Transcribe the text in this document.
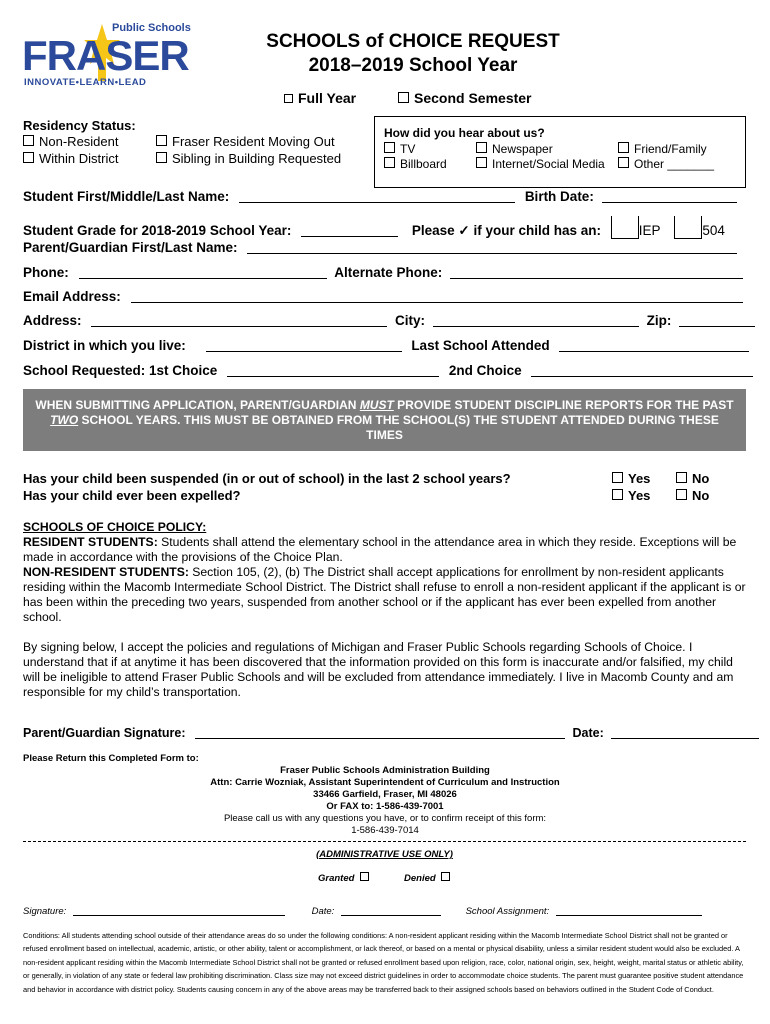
Public Schools
FRASER
INNOVATE•LEARN•LEAD
SCHOOLS of CHOICE REQUEST
2018–2019 School Year
Full Year	Second Semester
Residency Status:
Non-Resident
Within District
Fraser Resident Moving Out
Sibling in Building Requested
How did you hear about us?
TV	Newspaper	Friend/Family
Billboard	Internet/Social Media	Other _______
Student First/Middle/Last Name:	Birth Date:
Student Grade for 2018-2019 School Year:	Please ✓ if your child has an:	IEP	504
Parent/Guardian First/Last Name:
Phone:	Alternate Phone:
Email Address:
Address:	City:	Zip:
District in which you live:	Last School Attended
School Requested: 1st Choice	2nd Choice
WHEN SUBMITTING APPLICATION, PARENT/GUARDIAN MUST PROVIDE STUDENT DISCIPLINE REPORTS FOR THE PAST TWO SCHOOL YEARS. THIS MUST BE OBTAINED FROM THE SCHOOL(S) THE STUDENT ATTENDED DURING THESE TIMES
Has your child been suspended (in or out of school) in the last 2 school years?
Has your child ever been expelled?
Yes	No
Yes	No
SCHOOLS OF CHOICE POLICY:
RESIDENT STUDENTS: Students shall attend the elementary school in the attendance area in which they reside. Exceptions will be made in accordance with the provisions of the Choice Plan.
NON-RESIDENT STUDENTS: Section 105, (2), (b) The District shall accept applications for enrollment by non-resident applicants residing within the Macomb Intermediate School District. The District shall refuse to enroll a non-resident applicant if the applicant is or has been within the preceding two years, suspended from another school or if the applicant has ever been expelled from another school.
By signing below, I accept the policies and regulations of Michigan and Fraser Public Schools regarding Schools of Choice. I understand that if at anytime it has been discovered that the information provided on this form is inaccurate and/or falsified, my child will be ineligible to attend Fraser Public Schools and will be excluded from attendance immediately. I live in Macomb County and am responsible for my child’s transportation.
Parent/Guardian Signature:	Date:
Please Return this Completed Form to:
Fraser Public Schools Administration Building
Attn: Carrie Wozniak, Assistant Superintendent of Curriculum and Instruction
33466 Garfield, Fraser, MI 48026
Or FAX to: 1-586-439-7001
Please call us with any questions you have, or to confirm receipt of this form:
1-586-439-7014
(ADMINISTRATIVE USE ONLY)
Granted	Denied
Signature:	Date:	School Assignment:
Conditions: All students attending school outside of their attendance areas do so under the following conditions: A non-resident applicant residing within the Macomb Intermediate School District shall not be granted or refused enrollment based on intellectual, academic, artistic, or other ability, talent or accomplishment, or lack thereof, or based on a mental or physical disability, unless a similar resident student would also be excluded. A non-resident applicant residing within the Macomb Intermediate School District shall not be granted or refused enrollment based upon religion, race, color, national origin, sex, height, weight, marital status or athletic ability, or generally, in violation of any state or federal law prohibiting discrimination. Class size may not exceed district guidelines in order to accommodate choice students. The parent must guarantee positive student attendance and behavior in accordance with district policy. Students causing concern in any of the above areas may be transferred back to their assigned schools based on behaviors outlined in the Student Code of Conduct.
